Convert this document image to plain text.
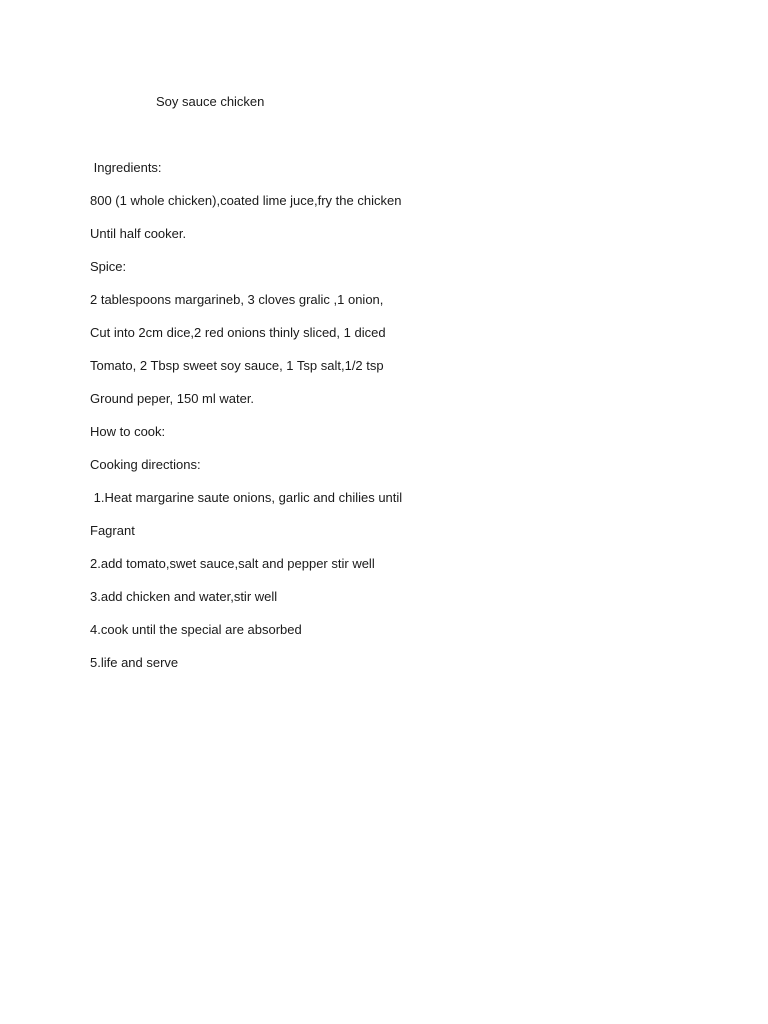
Soy sauce chicken
Ingredients:
800 (1 whole chicken),coated lime juce,fry the chicken
Until half cooker.
Spice:
2 tablespoons margarineb, 3 cloves gralic ,1 onion,
Cut into 2cm dice,2 red onions thinly sliced, 1 diced
Tomato, 2 Tbsp sweet soy sauce, 1 Tsp salt,1/2 tsp
Ground peper, 150 ml water.
How to cook:
Cooking directions:
1.Heat margarine saute onions, garlic and chilies until
Fagrant
2.add tomato,swet sauce,salt and pepper stir well
3.add chicken and water,stir well
4.cook until the special are absorbed
5.life and serve
